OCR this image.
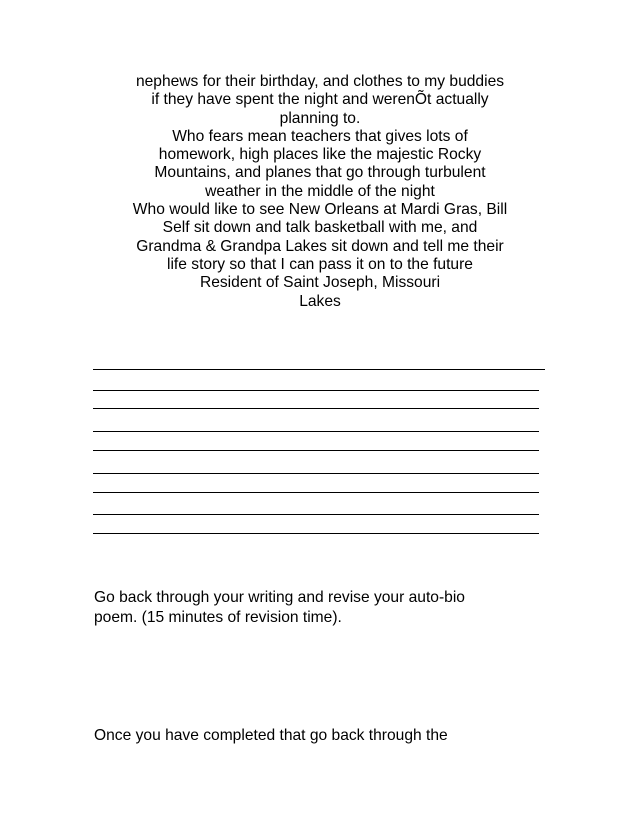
nephews for their birthday, and clothes to my buddies
if they have spent the night and werenÕt actually
planning to.
Who fears mean teachers that gives lots of
homework, high places like the majestic Rocky
Mountains, and planes that go through turbulent
weather in the middle of the night
Who would like to see New Orleans at Mardi Gras, Bill
Self sit down and talk basketball with me, and
Grandma & Grandpa Lakes sit down and tell me their
life story so that I can pass it on to the future
Resident of Saint Joseph, Missouri
Lakes
Go back through your writing and revise your auto-bio
poem. (15 minutes of revision time).
Once you have completed that go back through the
